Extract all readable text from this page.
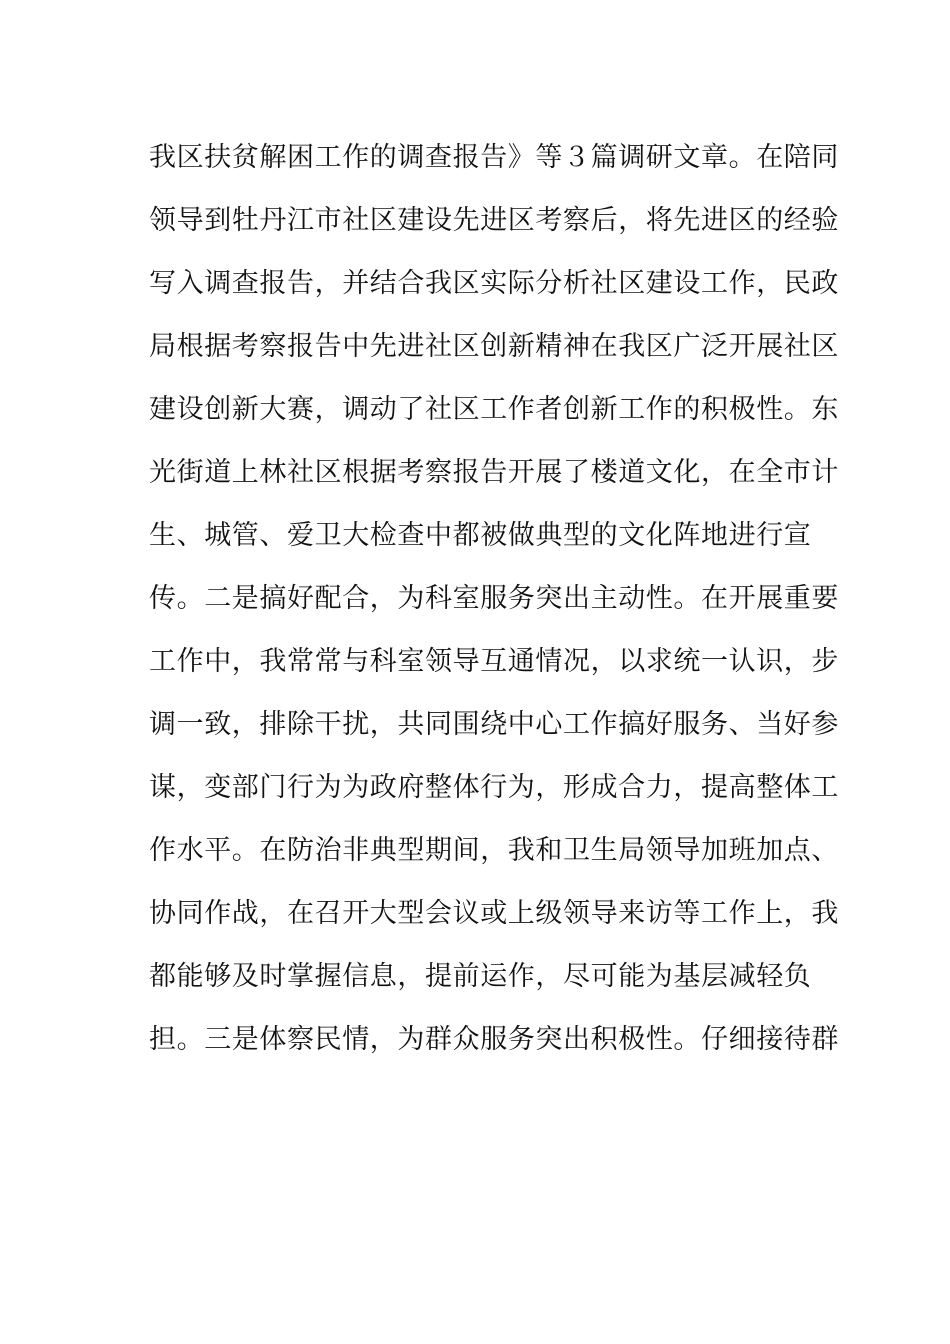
我区扶贫解困工作的调查报告》等３篇调研文章。在陪同
领导到牡丹江市社区建设先进区考察后，将先进区的经验
写入调查报告，并结合我区实际分析社区建设工作，民政
局根据考察报告中先进社区创新精神在我区广泛开展社区
建设创新大赛，调动了社区工作者创新工作的积极性。东
光街道上林社区根据考察报告开展了楼道文化，在全市计
生、城管、爱卫大检查中都被做典型的文化阵地进行宣
传。二是搞好配合，为科室服务突出主动性。在开展重要
工作中，我常常与科室领导互通情况，以求统一认识，步
调一致，排除干扰，共同围绕中心工作搞好服务、当好参
谋，变部门行为为政府整体行为，形成合力，提高整体工
作水平。在防治非典型期间，我和卫生局领导加班加点、
协同作战，在召开大型会议或上级领导来访等工作上，我
都能够及时掌握信息，提前运作，尽可能为基层减轻负
担。三是体察民情，为群众服务突出积极性。仔细接待群
